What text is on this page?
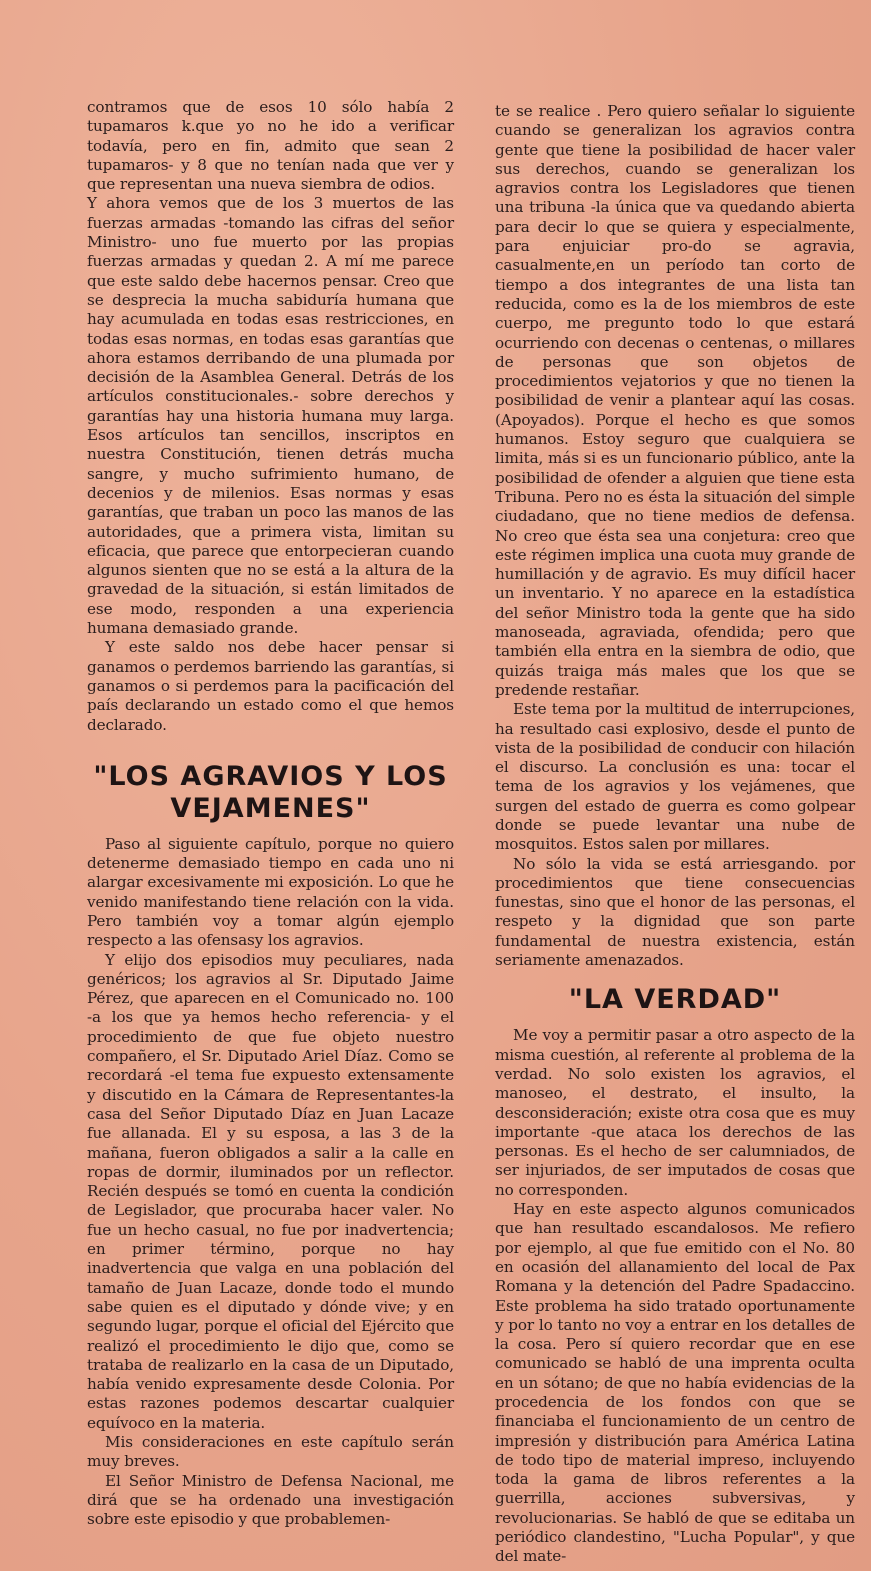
contramos que de esos 10 sólo había 2 tupamaros k.que yo no he ido a verificar todavía, pero en fin, admito que sean 2 tupamaros- y 8 que no tenían nada que ver y que representan una nueva siembra de odios.

Y ahora vemos que de los 3 muertos de las fuerzas armadas -tomando las cifras del señor Ministro- uno fue muerto por las propias fuerzas armadas y quedan 2. A mí me parece que este saldo debe hacernos pensar. Creo que se desprecia la mucha sabiduría humana que hay acumulada en todas esas restricciones, en todas esas normas, en todas esas garantías que ahora estamos derribando de una plumada por decisión de la Asamblea General. Detrás de los artículos constitucionales.- sobre derechos y garantías hay una historia humana muy larga. Esos artículos tan sencillos, inscriptos en nuestra Constitución, tienen detrás mucha sangre, y mucho sufrimiento humano, de decenios y de milenios. Esas normas y esas garantías, que traban un poco las manos de las autoridades, que a primera vista, limitan su eficacia, que parece que entorpecieran cuando algunos sienten que no se está a la altura de la gravedad de la situación, si están limitados de ese modo, responden a una experiencia humana demasiado grande.

Y este saldo nos debe hacer pensar si ganamos o perdemos barriendo las garantías, si ganamos o si perdemos para la pacificación del país declarando un estado como el que hemos declarado.

"LOS AGRAVIOS Y LOS VEJAMENES"

Paso al siguiente capítulo, porque no quiero detenerme demasiado tiempo en cada uno ni alargar excesivamente mi exposición. Lo que he venido manifestando tiene relación con la vida. Pero también voy a tomar algún ejemplo respecto a las ofensasy los agravios.

Y elijo dos episodios muy peculiares, nada genéricos; los agravios al Sr. Diputado Jaime Pérez, que aparecen en el Comunicado no. 100 -a los que ya hemos hecho referencia- y el procedimiento de que fue objeto nuestro compañero, el Sr. Diputado Ariel Díaz. Como se recordará -el tema fue expuesto extensamente y discutido en la Cámara de Representantes-la casa del Señor Diputado Díaz en Juan Lacaze fue allanada. El y su esposa, a las 3 de la mañana, fueron obligados a salir a la calle en ropas de dormir, iluminados por un reflector. Recién después se tomó en cuenta la condición de Legislador, que procuraba hacer valer. No fue un hecho casual, no fue por inadvertencia; en primer término, porque no hay inadvertencia que valga en una población del tamaño de Juan Lacaze, donde todo el mundo sabe quien es el diputado y dónde vive; y en segundo lugar, porque el oficial del Ejército que realizó el procedimiento le dijo que, como se trataba de realizarlo en la casa de un Diputado, había venido expresamente desde Colonia. Por estas razones podemos descartar cualquier equívoco en la materia.

Mis consideraciones en este capítulo serán muy breves.

El Señor Ministro de Defensa Nacional, me dirá que se ha ordenado una investigación sobre este episodio y que probablemen-

te se realice . Pero quiero señalar lo siguiente cuando se generalizan los agravios contra gente que tiene la posibilidad de hacer valer sus derechos, cuando se generalizan los agravios contra los Legisladores que tienen una tribuna -la única que va quedando abierta para decir lo que se quiera y especialmente, para enjuiciar pro-do se agravia, casualmente,en un período tan corto de tiempo a dos integrantes de una lista tan reducida, como es la de los miembros de este cuerpo, me pregunto todo lo que estará ocurriendo con decenas o centenas, o millares de personas que son objetos de procedimientos vejatorios y que no tienen la posibilidad de venir a plantear aquí las cosas. (Apoyados). Porque el hecho es que somos humanos. Estoy seguro que cualquiera se limita, más si es un funcionario público, ante la posibilidad de ofender a alguien que tiene esta Tribuna. Pero no es ésta la situación del simple ciudadano, que no tiene medios de defensa. No creo que ésta sea una conjetura: creo que este régimen implica una cuota muy grande de humillación y de agravio. Es muy difícil hacer un inventario. Y no aparece en la estadística del señor Ministro toda la gente que ha sido manoseada, agraviada, ofendida; pero que también ella entra en la siembra de odio, que quizás traiga más males que los que se predende restañar.

Este tema por la multitud de interrupciones, ha resultado casi explosivo, desde el punto de vista de la posibilidad de conducir con hilación el discurso. La conclusión es una: tocar el tema de los agravios y los vejámenes, que surgen del estado de guerra es como golpear donde se puede levantar una nube de mosquitos. Estos salen por millares.

No sólo la vida se está arriesgando. por procedimientos que tiene consecuencias funestas, sino que el honor de las personas, el respeto y la dignidad que son parte fundamental de nuestra existencia, están seriamente amenazados.

"LA VERDAD"

Me voy a permitir pasar a otro aspecto de la misma cuestión, al referente al problema de la verdad. No solo existen los agravios, el manoseo, el destrato, el insulto, la desconsideración; existe otra cosa que es muy importante -que ataca los derechos de las personas. Es el hecho de ser calumniados, de ser injuriados, de ser imputados de cosas que no corresponden.

Hay en este aspecto algunos comunicados que han resultado escandalosos. Me refiero por ejemplo, al que fue emitido con el No. 80 en ocasión del allanamiento del local de Pax Romana y la detención del Padre Spadaccino. Este problema ha sido tratado oportunamente y por lo tanto no voy a entrar en los detalles de la cosa. Pero sí quiero recordar que en ese comunicado se habló de una imprenta oculta en un sótano; de que no había evidencias de la procedencia de los fondos con que se financiaba el funcionamiento de un centro de impresión y distribución para América Latina de todo tipo de material impreso, incluyendo toda la gama de libros referentes a la guerrilla, acciones subversivas, y revolucionarias. Se habló de que se editaba un periódico clandestino, "Lucha Popular", y que del mate-
